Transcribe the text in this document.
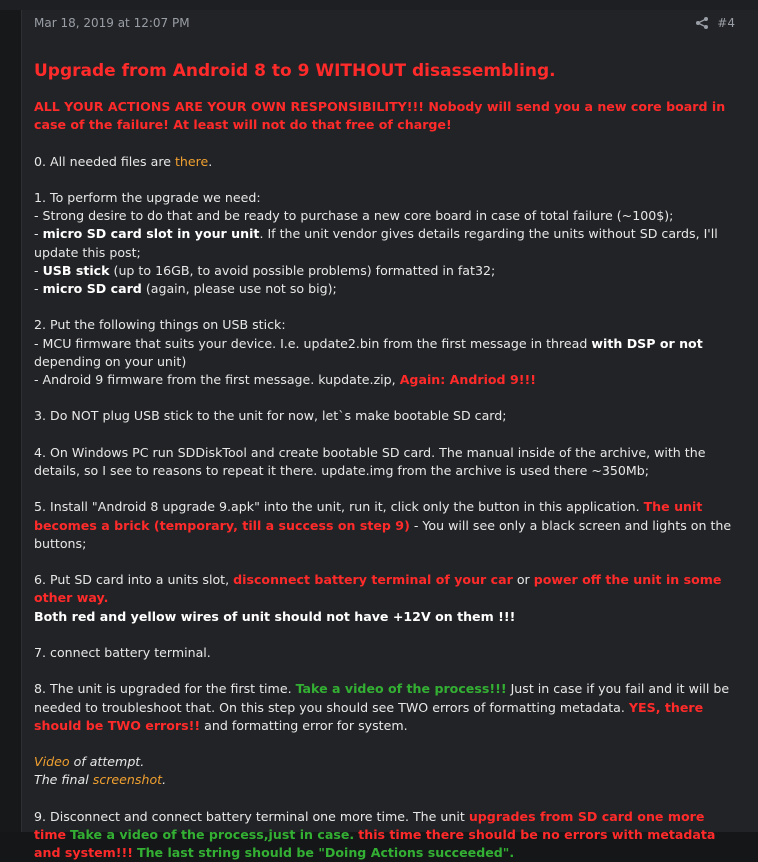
Mar 18, 2019 at 12:07 PM	#4
Upgrade from Android 8 to 9 WITHOUT disassembling.

ALL YOUR ACTIONS ARE YOUR OWN RESPONSIBILITY!!! Nobody will send you a new core board in case of the failure! At least will not do that free of charge!

0. All needed files are there.

1. To perform the upgrade we need:
- Strong desire to do that and be ready to purchase a new core board in case of total failure (~100$);
- micro SD card slot in your unit. If the unit vendor gives details regarding the units without SD cards, I'll update this post;
- USB stick (up to 16GB, to avoid possible problems) formatted in fat32;
- micro SD card (again, please use not so big);

2. Put the following things on USB stick:
- MCU firmware that suits your device. I.e. update2.bin from the first message in thread with DSP or not depending on your unit)
- Android 9 firmware from the first message. kupdate.zip, Again: Andriod 9!!!

3. Do NOT plug USB stick to the unit for now, let`s make bootable SD card;

4. On Windows PC run SDDiskTool and create bootable SD card. The manual inside of the archive, with the details, so I see to reasons to repeat it there. update.img from the archive is used there ~350Mb;

5. Install "Android 8 upgrade 9.apk" into the unit, run it, click only the button in this application. The unit becomes a brick (temporary, till a success on step 9) - You will see only a black screen and lights on the buttons;

6. Put SD card into a units slot, disconnect battery terminal of your car or power off the unit in some other way.
Both red and yellow wires of unit should not have +12V on them !!!

7. connect battery terminal.

8. The unit is upgraded for the first time. Take a video of the process!!! Just in case if you fail and it will be needed to troubleshoot that. On this step you should see TWO errors of formatting metadata. YES, there should be TWO errors!! and formatting error for system.

Video of attempt.
The final screenshot.

9. Disconnect and connect battery terminal one more time. The unit upgrades from SD card one more time Take a video of the process,just in case. this time there should be no errors with metadata and system!!! The last string should be "Doing Actions succeeded".
